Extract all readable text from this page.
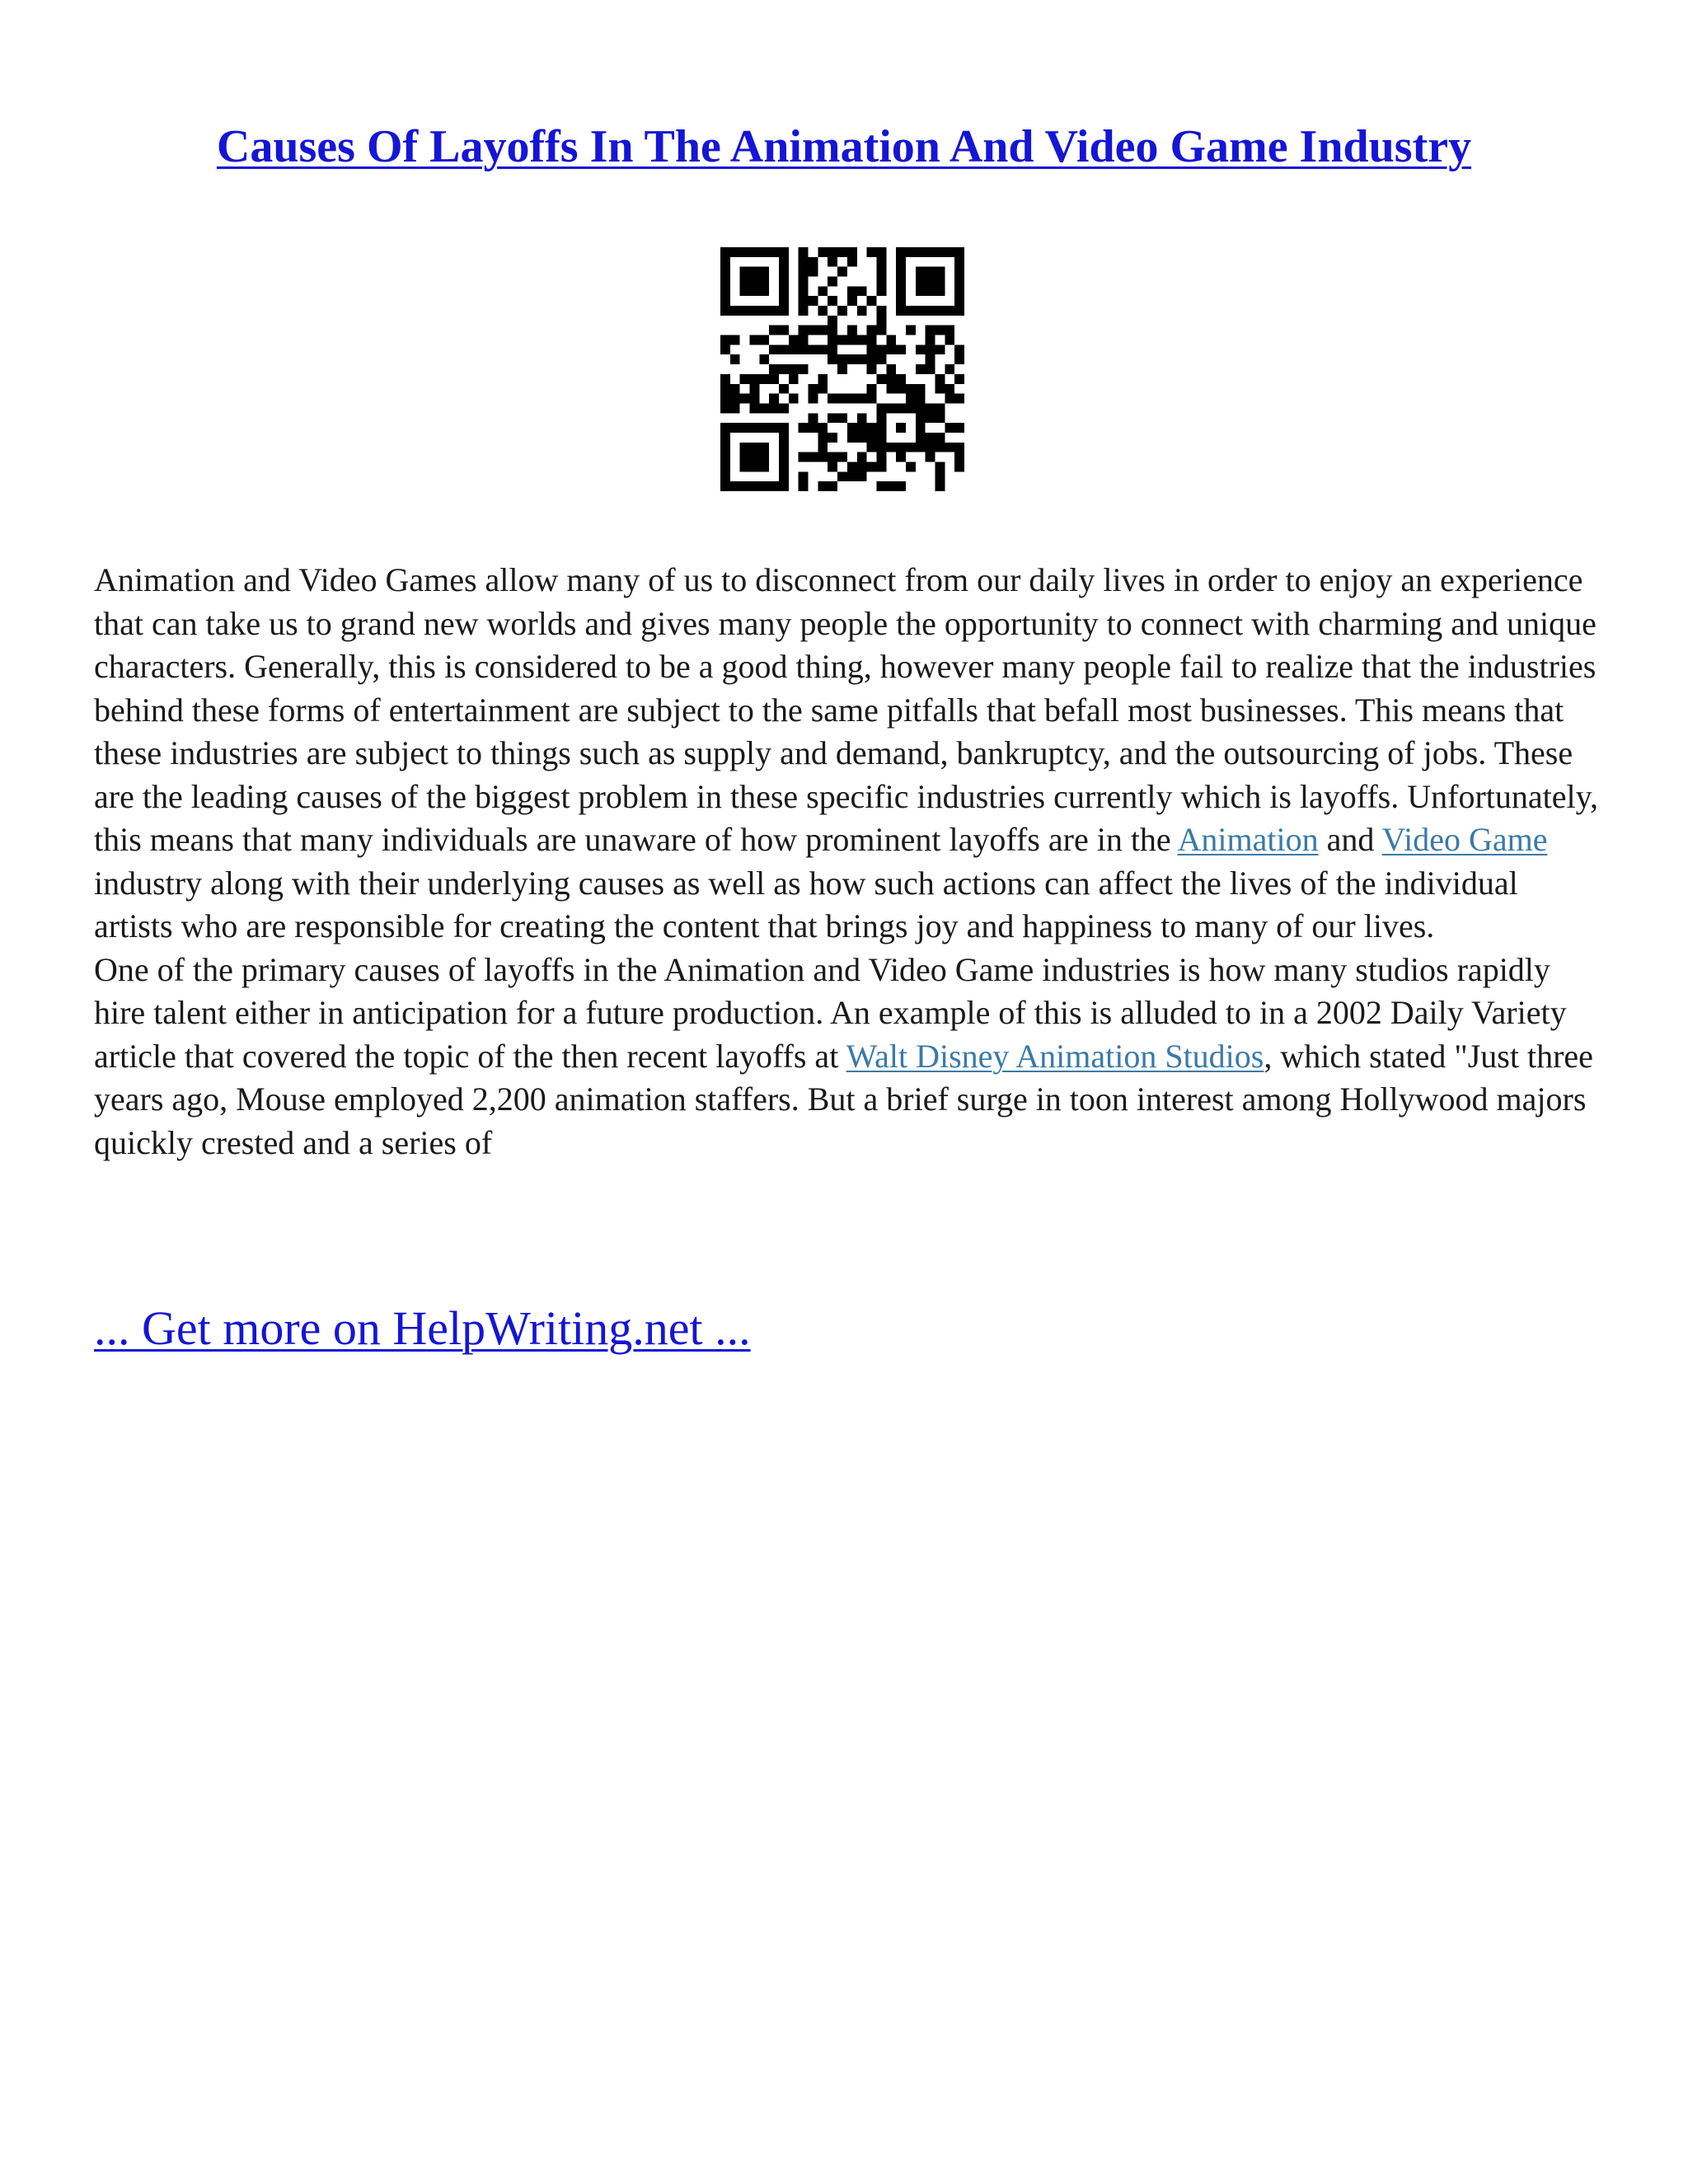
Causes Of Layoffs In The Animation And Video Game Industry

Animation and Video Games allow many of us to disconnect from our daily lives in order to enjoy an experience that can take us to grand new worlds and gives many people the opportunity to connect with charming and unique characters. Generally, this is considered to be a good thing, however many people fail to realize that the industries behind these forms of entertainment are subject to the same pitfalls that befall most businesses. This means that these industries are subject to things such as supply and demand, bankruptcy, and the outsourcing of jobs. These are the leading causes of the biggest problem in these specific industries currently which is layoffs. Unfortunately, this means that many individuals are unaware of how prominent layoffs are in the Animation and Video Game industry along with their underlying causes as well as how such actions can affect the lives of the individual artists who are responsible for creating the content that brings joy and happiness to many of our lives.

One of the primary causes of layoffs in the Animation and Video Game industries is how many studios rapidly hire talent either in anticipation for a future production. An example of this is alluded to in a 2002 Daily Variety article that covered the topic of the then recent layoffs at Walt Disney Animation Studios, which stated "Just three years ago, Mouse employed 2,200 animation staffers. But a brief surge in toon interest among Hollywood majors quickly crested and a series of

... Get more on HelpWriting.net ...
